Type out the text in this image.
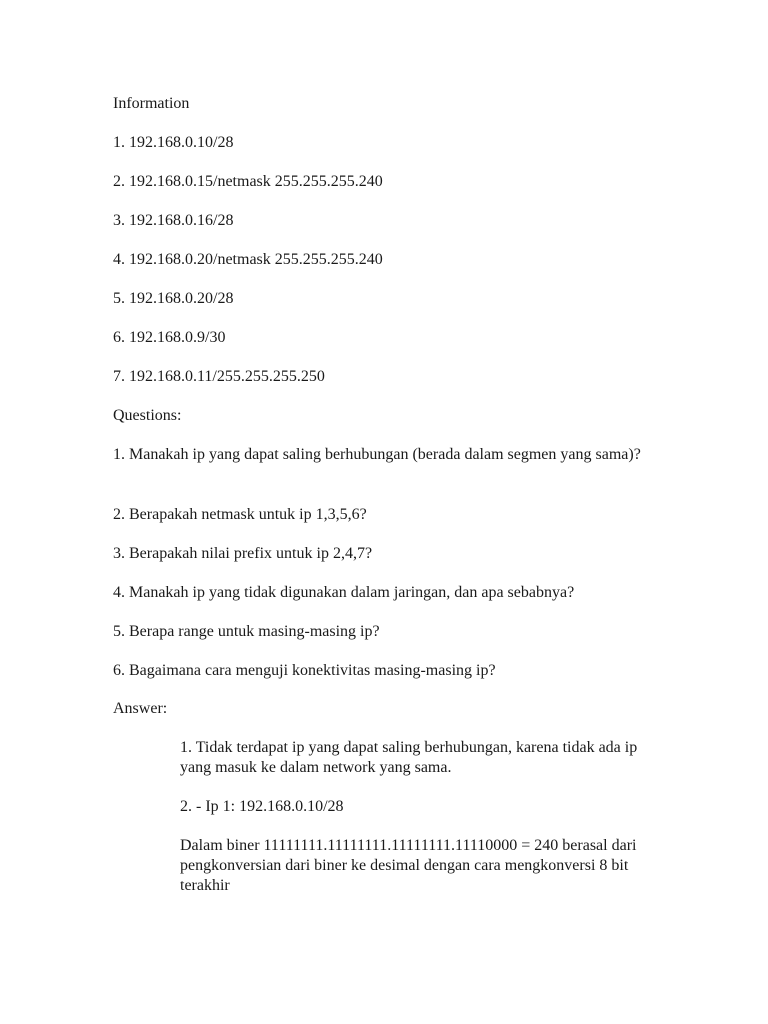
Information
1. 192.168.0.10/28
2. 192.168.0.15/netmask 255.255.255.240
3. 192.168.0.16/28
4. 192.168.0.20/netmask 255.255.255.240
5. 192.168.0.20/28
6. 192.168.0.9/30
7. 192.168.0.11/255.255.255.250
Questions:
1. Manakah ip yang dapat saling berhubungan (berada dalam segmen yang sama)?
2. Berapakah netmask untuk ip 1,3,5,6?
3. Berapakah nilai prefix untuk ip 2,4,7?
4. Manakah ip yang tidak digunakan dalam jaringan, dan apa sebabnya?
5. Berapa range untuk masing-masing ip?
6. Bagaimana cara menguji konektivitas masing-masing ip?
Answer:
1. Tidak terdapat ip yang dapat saling berhubungan, karena tidak ada ip yang masuk ke dalam network yang sama.
2. - Ip 1: 192.168.0.10/28
Dalam biner 11111111.11111111.11111111.11110000 = 240 berasal dari pengkonversian dari biner ke desimal dengan cara mengkonversi 8 bit terakhir
